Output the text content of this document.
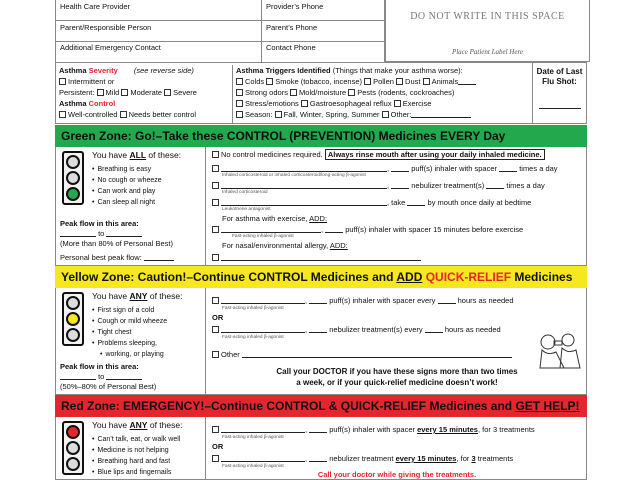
Health Care Provider	Provider’s Phone
Parent/Responsible Person	Parent’s Phone
Additional Emergency Contact	Contact Phone
DO NOT WRITE IN THIS SPACE
Place Patient Label Here
Asthma Severity (see reverse side)
Intermittent or
Persistent: Mild Moderate Severe
Asthma Control
Well-controlled Needs better control
Asthma Triggers Identified (Things that make your asthma worse):
Colds Smoke (tobacco, incense) Pollen Dust Animals
Strong odors Mold/moisture Pests (rodents, cockroaches)
Stress/emotions Gastroesophageal reflux Exercise
Season: Fall, Winter, Spring, Summer Other:
Date of Last Flu Shot:
Green Zone: Go!–Take these CONTROL (PREVENTION) Medicines EVERY Day
You have ALL of these:
• Breathing is easy
• No cough or wheeze
• Can work and play
• Can sleep all night
Peak flow in this area:
to
(More than 80% of Personal Best)
Personal best peak flow:
No control medicines required. Always rinse mouth after using your daily inhaled medicine.
,	puff(s) inhaler with spacer	times a day
Inhaled corticosteroid or inhaled corticosteroid/long-acting β-agonist
,	nebulizer treatment(s)	times a day
Inhaled corticosteroid
, take	by mouth once daily at bedtime
Leukotriene antagonist
For asthma with exercise, ADD:
,	puff(s) inhaler with spacer 15 minutes before exercise
Fast-acting inhaled β-agonist
For nasal/environmental allergy, ADD:
Yellow Zone: Caution!–Continue CONTROL Medicines and ADD QUICK-RELIEF Medicines
You have ANY of these:
• First sign of a cold
• Cough or mild wheeze
• Tight chest
• Problems sleeping,
• working, or playing
Peak flow in this area:
to
(50%–80% of Personal Best)
,	puff(s) inhaler with spacer every	hours as needed
Fast-acting inhaled β-agonist
OR
,	nebulizer treatment(s) every	hours as needed
Fast-acting inhaled β-agonist
Other
Call your DOCTOR if you have these signs more than two times
a week, or if your quick-relief medicine doesn’t work!
Red Zone: EMERGENCY!–Continue CONTROL & QUICK-RELIEF Medicines and GET HELP!
You have ANY of these:
• Can’t talk, eat, or walk well
• Medicine is not helping
• Breathing hard and fast
• Blue lips and fingernails
,	puff(s) inhaler with spacer every 15 minutes, for 3 treatments
Fast-acting inhaled β-agonist
OR
,	nebulizer treatment every 15 minutes, for 3 treatments
Fast-acting inhaled β-agonist
Call your doctor while giving the treatments.
